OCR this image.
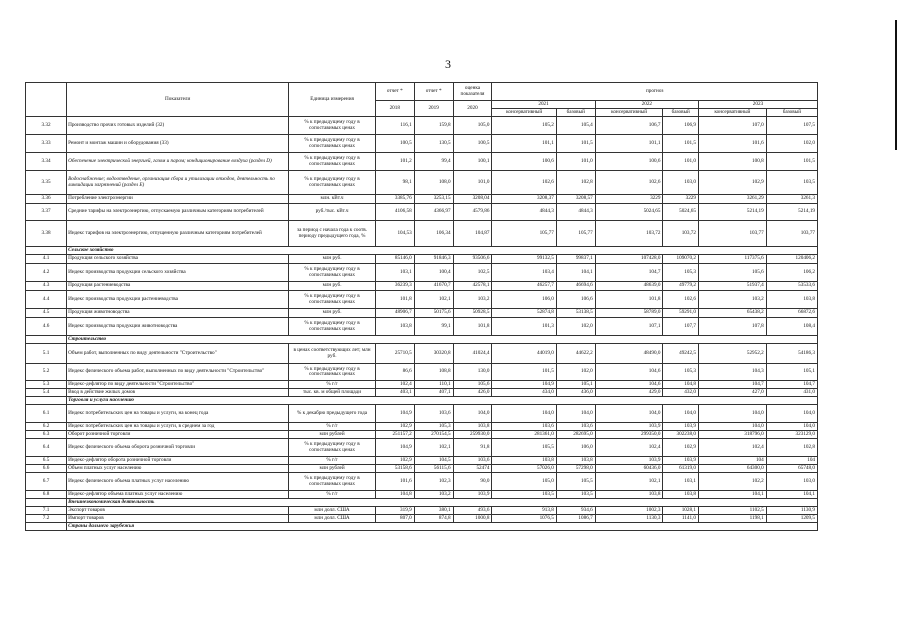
3
	Показатели	Единица измерения	отчет *	отчет *	оценка показателя	прогноз					
			2018	2019	2020	2021		2022		2023	
						консервативный	базовый	консервативный	базовый	консервативный	базовый
3.32	Производство прочих готовых изделий (32)	% к предыдущему году в сопоставимых ценах	116,1	159,8	105,0	105,2	105,4	106,7	106,9	107,0	107,5
3.33	Ремонт и монтаж машин и оборудования (33)	% к предыдущему году в сопоставимых ценах	100,5	130,5	100,5	101,1	101,5	101,1	101,5	101,6	102,0
3.34	Обеспечение электрической энергией, газом и паром; кондиционирование воздуха (раздел D)	% к предыдущему году в сопоставимых ценах	101,2	99,4	100,1	100,6	101,0	100,6	101,0	100,8	101,5
3.35	Водоснабжение; водоотведение, организация сбора и утилизации отходов, деятельность по ликвидации загрязнений (раздел E)	% к предыдущему году в сопоставимых ценах	98,1	108,0	101,0	102,6	102,8	102,6	103,0	102,9	103,5
3.36	Потребление электроэнергии	млн. кВт.ч	3385,76	3253,15	3208,04	3208,37	3208,57	3229	3229	3261,29	3261,3
3.37	Средние тарифы на электроэнергию, отпускаемую различным категориям потребителей	руб./тыс. кВт.ч	4106,58	4366,97	4579,86	4844,3	4844,3	5024,65	5024,65	5214,19	5214,19
3.38	Индекс тарифов на электроэнергию, отпущенную различным категориям потребителей	за период с начала года к соотв. периоду предыдущего года, %	104,53	106,34	104,87	105,77	105,77	103,72	103,72	103,77	103,77
	Сельское хозяйство										
4.1	Продукция сельского хозяйства	млн руб.	85146,0	91846,3	93506,6	99132,5	99837,1	107428,0	109070,2	117375,6	120406,2
4.2	Индекс производства продукции сельского хозяйства	% к предыдущему году в сопоставимых ценах	103,1	100,4	102,5	103,4	104,1	104,7	105,3	105,6	106,2
4.3	Продукция растениеводства	млн руб.	36239,3	41670,7	42578,1	46257,7	46694,6	48639,0	49779,2	51937,4	53533,6
4.4	Индекс производства продукции растениеводства	% к предыдущему году в сопоставимых ценах	101,8	102,1	103,2	106,0	106,6	101,8	102,6	103,2	103,8
4.5	Продукция животноводства	млн руб.	48906,7	50175,6	50928,5	52874,8	53138,5	58789,0	59291,0	65438,2	66872,6
4.6	Индекс производства продукции животноводства	% к предыдущему году в сопоставимых ценах	103,8	99,1	101,8	101,3	102,0	107,1	107,7	107,8	108,4
	Строительство										
5.1	Объем работ, выполненных по виду деятельности "Строительство"	в ценах соответствующих лет; млн руб.	25710,5	30320,8	41024,4	44019,0	44622,2	48490,0	49242,5	52952,2	54186,3
5.2	Индекс физического объема работ, выполненных по виду деятельности "Строительство"	% к предыдущему году в сопоставимых ценах	86,6	108,8	130,0	101,5	102,0	104,6	105,3	104,3	105,1
5.3	Индекс-дефлятор по виду деятельности "Строительство"	% г/г	102,4	110,1	105,6	104,9	105,1	104,6	104,8	104,7	104,7
5.4	Ввод в действие жилых домов	тыс. кв. м общей площади	403,1	407,1	426,0	434,0	436,0	429,0	432,0	427,0	431,0
	Торговля и услуги населению										
6.1	Индекс потребительских цен на товары и услуги, на конец года	% к декабрю предыдущего года	104,9	103,6	104,0	104,0	104,0	104,0	104,0	104,0	104,0
6.2	Индекс потребительских цен на товары и услуги, в среднем за год	% г/г	102,9	105,3	103,8	103,6	103,6	103,9	103,9	104,0	104,0
6.3	Оборот розничной торговли	млн рублей	251157,2	270154,5	259930,0	281361,0	282695,0	299350,0	302238,0	318796,0	323129,0
6.4	Индекс физического объема оборота розничной торговли	% к предыдущему году в сопоставимых ценах	104,9	102,1	91,8	105,5	106,0	102,4	102,9	102,4	102,8
6.5	Индекс-дефлятор оборота розничной торговли	% г/г	102,9	104,5	103,6	103,8	103,8	103,9	103,9	104	104
6.6	Объем платных услуг населению	млн рублей	53158,6	56115,6	52474	57026,0	57298,0	60436,0	61319,0	64300,0	65748,0
6.7	Индекс физического объема платных услуг населению	% к предыдущему году в сопоставимых ценах	101,6	102,3	90,0	105,0	105,5	102,1	103,1	102,2	103,0
6.8	Индекс-дефлятор объема платных услуг населению	% г/г	104,8	103,2	103,9	103,5	103,5	103,8	103,8	104,1	104,1
	Внешнеэкономическая деятельность										
7.1	Экспорт товаров	млн долл. США	319,9	380,1	493,6	913,8	934,6	1002,3	1028,1	1102,5	1130,9
7.2	Импорт товаров	млн долл. США	807,0	874,8	1000,8	1076,5	1086,7	1130,3	1141,0	1198,1	1209,5
	Страны дальнего зарубежья										
